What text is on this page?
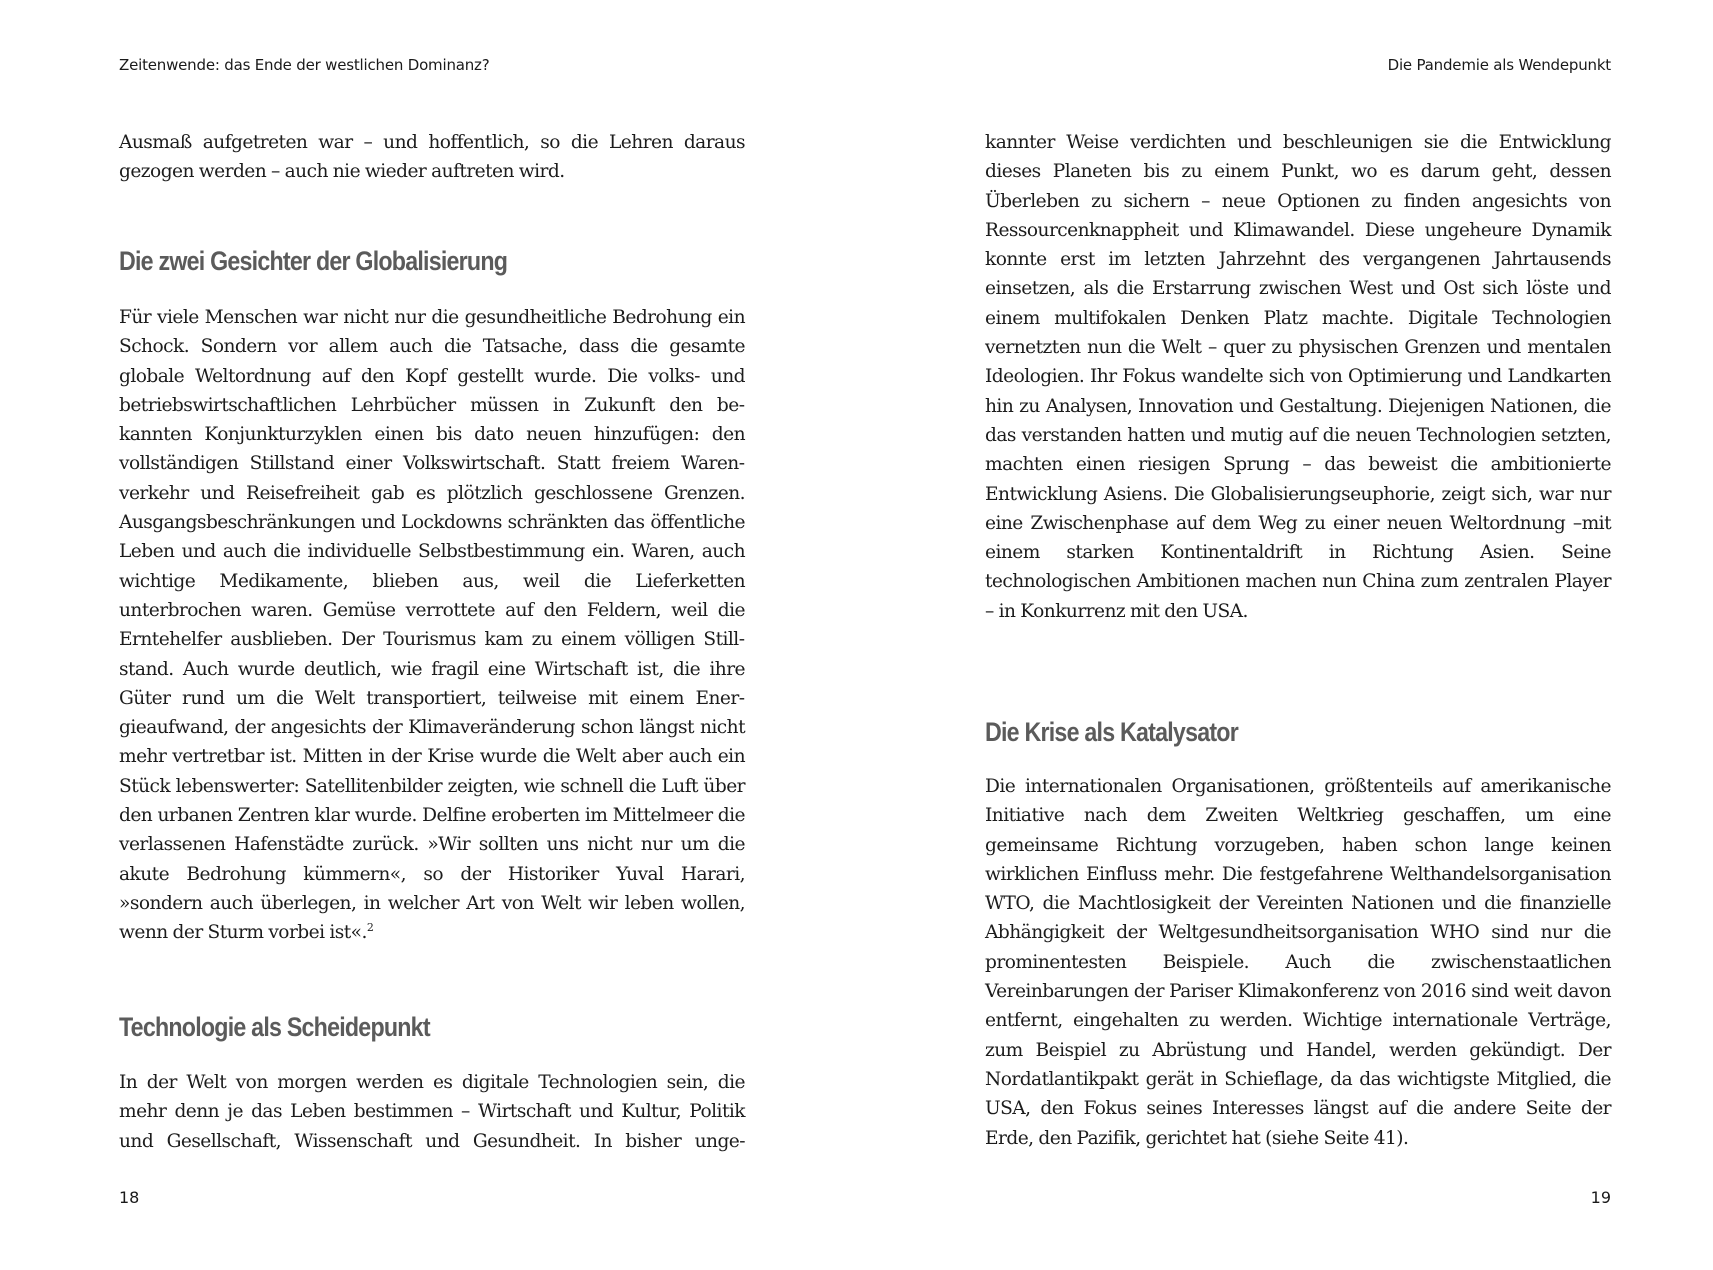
Zeitenwende: das Ende der westlichen Dominanz?

Ausmaß aufgetreten war – und hoffentlich, so die Lehren daraus gezogen werden – auch nie wieder auftreten wird.

Die zwei Gesichter der Globalisierung

Für viele Menschen war nicht nur die gesundheitliche Bedrohung ein Schock. Sondern vor allem auch die Tatsache, dass die gesamte globale Weltordnung auf den Kopf gestellt wurde. Die volks- und betriebswirtschaftlichen Lehrbücher müssen in Zukunft den bekannten Konjunkturzyklen einen bis dato neuen hinzufügen: den vollständigen Stillstand einer Volkswirtschaft. Statt freiem Warenverkehr und Reisefreiheit gab es plötzlich geschlossene Grenzen. Ausgangsbeschränkungen und Lockdowns schränkten das öffentliche Leben und auch die individuelle Selbstbestimmung ein. Waren, auch wichtige Medikamente, blieben aus, weil die Lieferketten unterbrochen waren. Gemüse verrottete auf den Feldern, weil die Erntehelfer ausblieben. Der Tourismus kam zu einem völligen Stillstand. Auch wurde deutlich, wie fragil eine Wirtschaft ist, die ihre Güter rund um die Welt transportiert, teilweise mit einem Energieaufwand, der angesichts der Klimaveränderung schon längst nicht mehr vertretbar ist. Mitten in der Krise wurde die Welt aber auch ein Stück lebenswerter: Satellitenbilder zeigten, wie schnell die Luft über den urbanen Zentren klar wurde. Delfine eroberten im Mittelmeer die verlassenen Hafenstädte zurück. »Wir sollten uns nicht nur um die akute Bedrohung kümmern«, so der Historiker Yuval Harari, »sondern auch überlegen, in welcher Art von Welt wir leben wollen, wenn der Sturm vorbei ist«.$^2$

Technologie als Scheidepunkt

In der Welt von morgen werden es digitale Technologien sein, die mehr denn je das Leben bestimmen – Wirtschaft und Kultur, Politik und Gesellschaft, Wissenschaft und Gesundheit. In bisher unge-

18
Die Pandemie als Wendepunkt

kannter Weise verdichten und beschleunigen sie die Entwicklung dieses Planeten bis zu einem Punkt, wo es darum geht, dessen Überleben zu sichern – neue Optionen zu finden angesichts von Ressourcenknappheit und Klimawandel. Diese ungeheure Dynamik konnte erst im letzten Jahrzehnt des vergangenen Jahrtausends einsetzen, als die Erstarrung zwischen West und Ost sich löste und einem multifokalen Denken Platz machte. Digitale Technologien vernetzten nun die Welt – quer zu physischen Grenzen und mentalen Ideologien. Ihr Fokus wandelte sich von Optimierung und Landkarten hin zu Analysen, Innovation und Gestaltung. Diejenigen Nationen, die das verstanden hatten und mutig auf die neuen Technologien setzten, machten einen riesigen Sprung – das beweist die ambitionierte Entwicklung Asiens. Die Globalisierungseuphorie, zeigt sich, war nur eine Zwischenphase auf dem Weg zu einer neuen Weltordnung –mit einem starken Kontinentaldrift in Richtung Asien. Seine technologischen Ambitionen machen nun China zum zentralen Player – in Konkurrenz mit den USA.

Die Krise als Katalysator

Die internationalen Organisationen, größtenteils auf amerikanische Initiative nach dem Zweiten Weltkrieg geschaffen, um eine gemeinsame Richtung vorzugeben, haben schon lange keinen wirklichen Einfluss mehr. Die festgefahrene Welthandelsorganisation WTO, die Machtlosigkeit der Vereinten Nationen und die finanzielle Abhängigkeit der Weltgesundheitsorganisation WHO sind nur die prominentesten Beispiele. Auch die zwischenstaatlichen Vereinbarungen der Pariser Klimakonferenz von 2016 sind weit davon entfernt, eingehalten zu werden. Wichtige internationale Verträge, zum Beispiel zu Abrüstung und Handel, werden gekündigt. Der Nordatlantikpakt gerät in Schieflage, da das wichtigste Mitglied, die USA, den Fokus seines Interesses längst auf die andere Seite der Erde, den Pazifik, gerichtet hat (siehe Seite 41).

19
